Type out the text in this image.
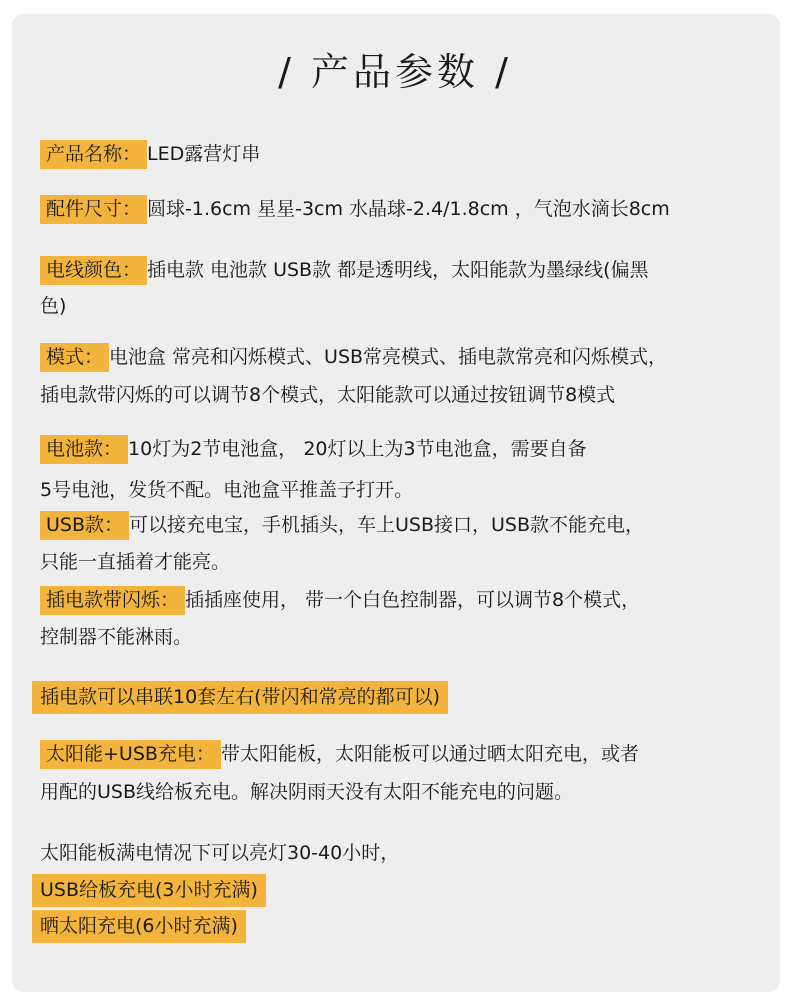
/ 产品参数 /
产品名称： LED露营灯串
配件尺寸： 圆球-1.6cm 星星-3cm 水晶球-2.4/1.8cm ，气泡水滴长8cm
电线颜色： 插电款 电池款 USB款 都是透明线，太阳能款为墨绿线(偏黑
色)
模式： 电池盒 常亮和闪烁模式、USB常亮模式、插电款常亮和闪烁模式，
插电款带闪烁的可以调节8个模式，太阳能款可以通过按钮调节8模式
电池款： 10灯为2节电池盒， 20灯以上为3节电池盒，需要自备
5号电池，发货不配。电池盒平推盖子打开。
USB款： 可以接充电宝，手机插头，车上USB接口，USB款不能充电，
只能一直插着才能亮。
插电款带闪烁： 插插座使用， 带一个白色控制器，可以调节8个模式，
控制器不能淋雨。
插电款可以串联10套左右(带闪和常亮的都可以)
太阳能+USB充电： 带太阳能板，太阳能板可以通过晒太阳充电，或者
用配的USB线给板充电。解决阴雨天没有太阳不能充电的问题。
太阳能板满电情况下可以亮灯30-40小时，
USB给板充电(3小时充满)
晒太阳充电(6小时充满)
